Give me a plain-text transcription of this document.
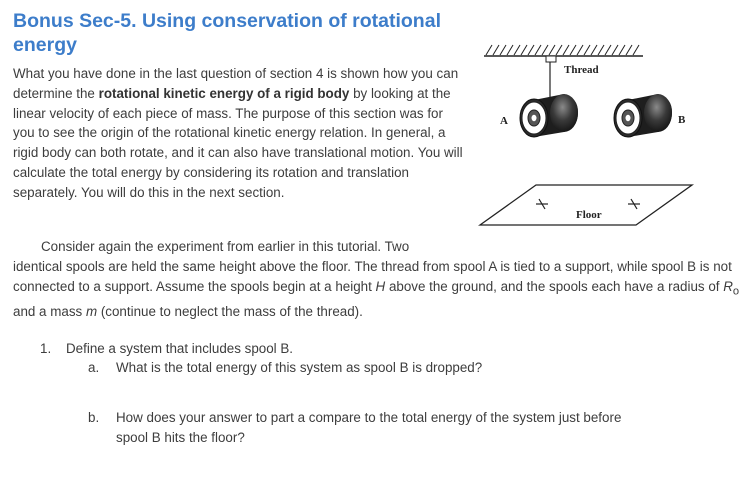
Bonus Sec-5. Using conservation of rotational energy
What you have done in the last question of section 4 is shown how you can determine the rotational kinetic energy of a rigid body by looking at the linear velocity of each piece of mass. The purpose of this section was for you to see the origin of the rotational kinetic energy relation. In general, a rigid body can both rotate, and it can also have translational motion. You will calculate the total energy by considering its rotation and translation separately. You will do this in the next section.
Thread
A	B
Floor
Consider again the experiment from earlier in this tutorial. Two
identical spools are held the same height above the floor. The thread from spool A is tied to a support, while spool B is not connected to a support. Assume the spools begin at a height H above the ground, and the spools each have a radius of $R_o$ and a mass m (continue to neglect the mass of the thread).
1. Define a system that includes spool B.
a. What is the total energy of this system as spool B is dropped?
b. How does your answer to part a compare to the total energy of the system just before
spool B hits the floor?
